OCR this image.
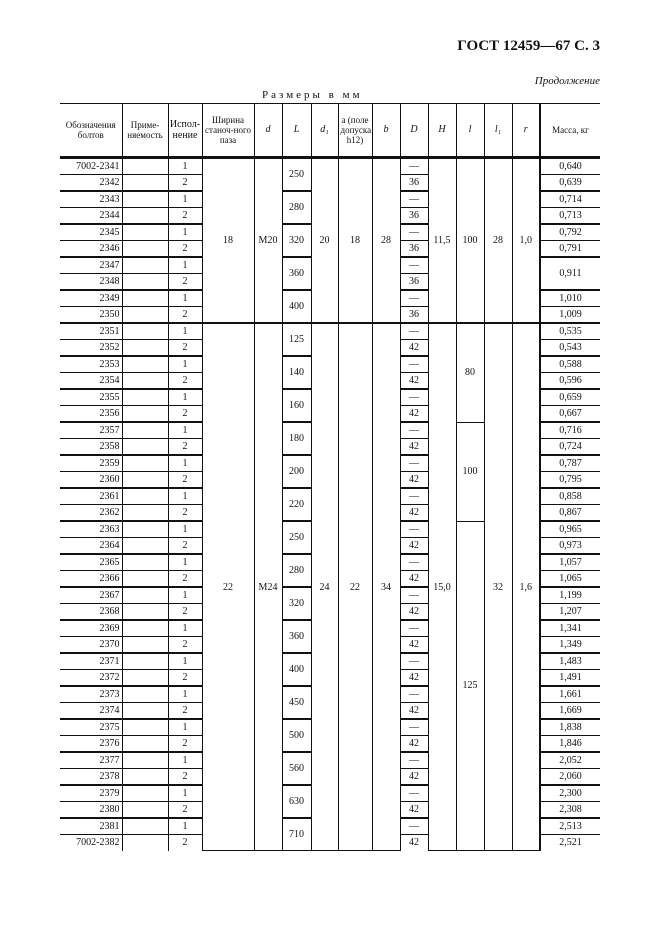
ГОСТ 12459—67 С. 3
Продолжение
Размеры в мм
Обозначения болтов	Приме-няемость	Испол-нение	Ширина станоч-ного паза	d	L	d₁	a (поле допуска h12)	b	D	H	l	l₁	r	Масса, кг
7002-2341		1	18	M20	250	20	18	28	—	11,5	100	28	1,0	0,640
2342		2							36					0,639
2343		1			280				—					0,714
2344		2							36					0,713
2345		1			320				—					0,792
2346		2							36					0,791
2347		1			360				—					0,911
2348		2							36					
2349		1			400				—					1,010
2350		2							36					1,009
2351		1	22	M24	125	24	22	34	—	15,0	80	32	1,6	0,535
2352		2							42					0,543
2353		1			140				—					0,588
2354		2							42					0,596
2355		1			160				—					0,659
2356		2							42					0,667
2357		1			180				—		100			0,716
2358		2							42					0,724
2359		1			200				—					0,787
2360		2							42					0,795
2361		1			220				—					0,858
2362		2							42					0,867
2363		1			250				—		125			0,965
2364		2							42					0,973
2365		1			280				—					1,057
2366		2							42					1,065
2367		1			320				—					1,199
2368		2							42					1,207
2369		1			360				—					1,341
2370		2							42					1,349
2371		1			400				—					1,483
2372		2							42					1,491
2373		1			450				—					1,661
2374		2							42					1,669
2375		1			500				—					1,838
2376		2							42					1,846
2377		1			560				—					2,052
2378		2							42					2,060
2379		1			630				—					2,300
2380		2							42					2,308
2381		1			710				—					2,513
7002-2382		2							42					2,521
